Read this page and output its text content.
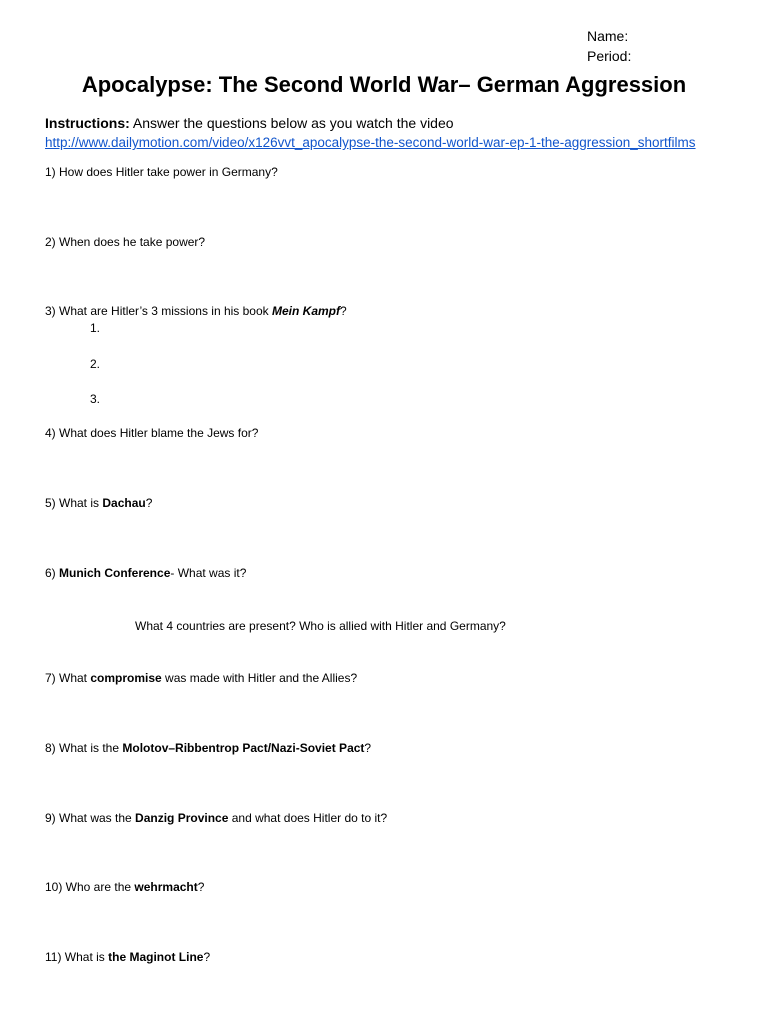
Name:
Period:
Apocalypse: The Second World War– German Aggression
Instructions: Answer the questions below as you watch the video
http://www.dailymotion.com/video/x126vvt_apocalypse-the-second-world-war-ep-1-the-aggression_shortfilms
1) How does Hitler take power in Germany?
2) When does he take power?
3) What are Hitler’s 3 missions in his book Mein Kampf?
1.
2.
3.
4) What does Hitler blame the Jews for?
5) What is Dachau?
6) Munich Conference- What was it?
What 4 countries are present? Who is allied with Hitler and Germany?
7) What compromise was made with Hitler and the Allies?
8) What is the Molotov–Ribbentrop Pact/Nazi-Soviet Pact?
9) What was the Danzig Province and what does Hitler do to it?
10) Who are the wehrmacht?
11) What is the Maginot Line?
